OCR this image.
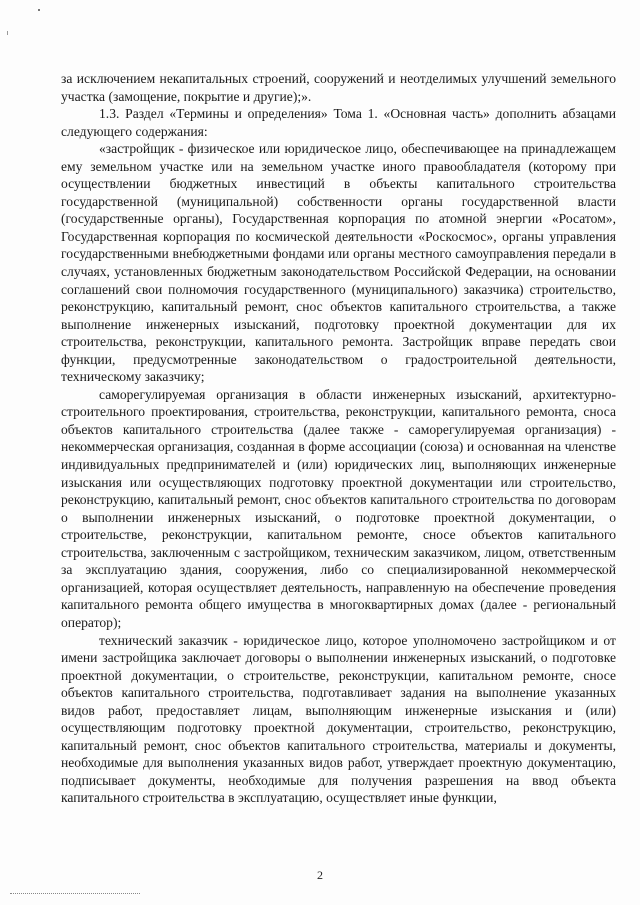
за исключением некапитальных строений, сооружений и неотделимых улучшений земельного участка (замощение, покрытие и другие);».

1.3. Раздел «Термины и определения» Тома 1. «Основная часть» дополнить абзацами следующего содержания:

«застройщик - физическое или юридическое лицо, обеспечивающее на принадлежащем ему земельном участке или на земельном участке иного правообладателя (которому при осуществлении бюджетных инвестиций в объекты капитального строительства государственной (муниципальной) собственности органы государственной власти (государственные органы), Государственная корпорация по атомной энергии «Росатом», Государственная корпорация по космической деятельности «Роскосмос», органы управления государственными внебюджетными фондами или органы местного самоуправления передали в случаях, установленных бюджетным законодательством Российской Федерации, на основании соглашений свои полномочия государственного (муниципального) заказчика) строительство, реконструкцию, капитальный ремонт, снос объектов капитального строительства, а также выполнение инженерных изысканий, подготовку проектной документации для их строительства, реконструкции, капитального ремонта. Застройщик вправе передать свои функции, предусмотренные законодательством о градостроительной деятельности, техническому заказчику;

саморегулируемая организация в области инженерных изысканий, архитектурно-строительного проектирования, строительства, реконструкции, капитального ремонта, сноса объектов капитального строительства (далее также - саморегулируемая организация) - некоммерческая организация, созданная в форме ассоциации (союза) и основанная на членстве индивидуальных предпринимателей и (или) юридических лиц, выполняющих инженерные изыскания или осуществляющих подготовку проектной документации или строительство, реконструкцию, капитальный ремонт, снос объектов капитального строительства по договорам о выполнении инженерных изысканий, о подготовке проектной документации, о строительстве, реконструкции, капитальном ремонте, сносе объектов капитального строительства, заключенным с застройщиком, техническим заказчиком, лицом, ответственным за эксплуатацию здания, сооружения, либо со специализированной некоммерческой организацией, которая осуществляет деятельность, направленную на обеспечение проведения капитального ремонта общего имущества в многоквартирных домах (далее - региональный оператор);

технический заказчик - юридическое лицо, которое уполномочено застройщиком и от имени застройщика заключает договоры о выполнении инженерных изысканий, о подготовке проектной документации, о строительстве, реконструкции, капитальном ремонте, сносе объектов капитального строительства, подготавливает задания на выполнение указанных видов работ, предоставляет лицам, выполняющим инженерные изыскания и (или) осуществляющим подготовку проектной документации, строительство, реконструкцию, капитальный ремонт, снос объектов капитального строительства, материалы и документы, необходимые для выполнения указанных видов работ, утверждает проектную документацию, подписывает документы, необходимые для получения разрешения на ввод объекта капитального строительства в эксплуатацию, осуществляет иные функции,

2
